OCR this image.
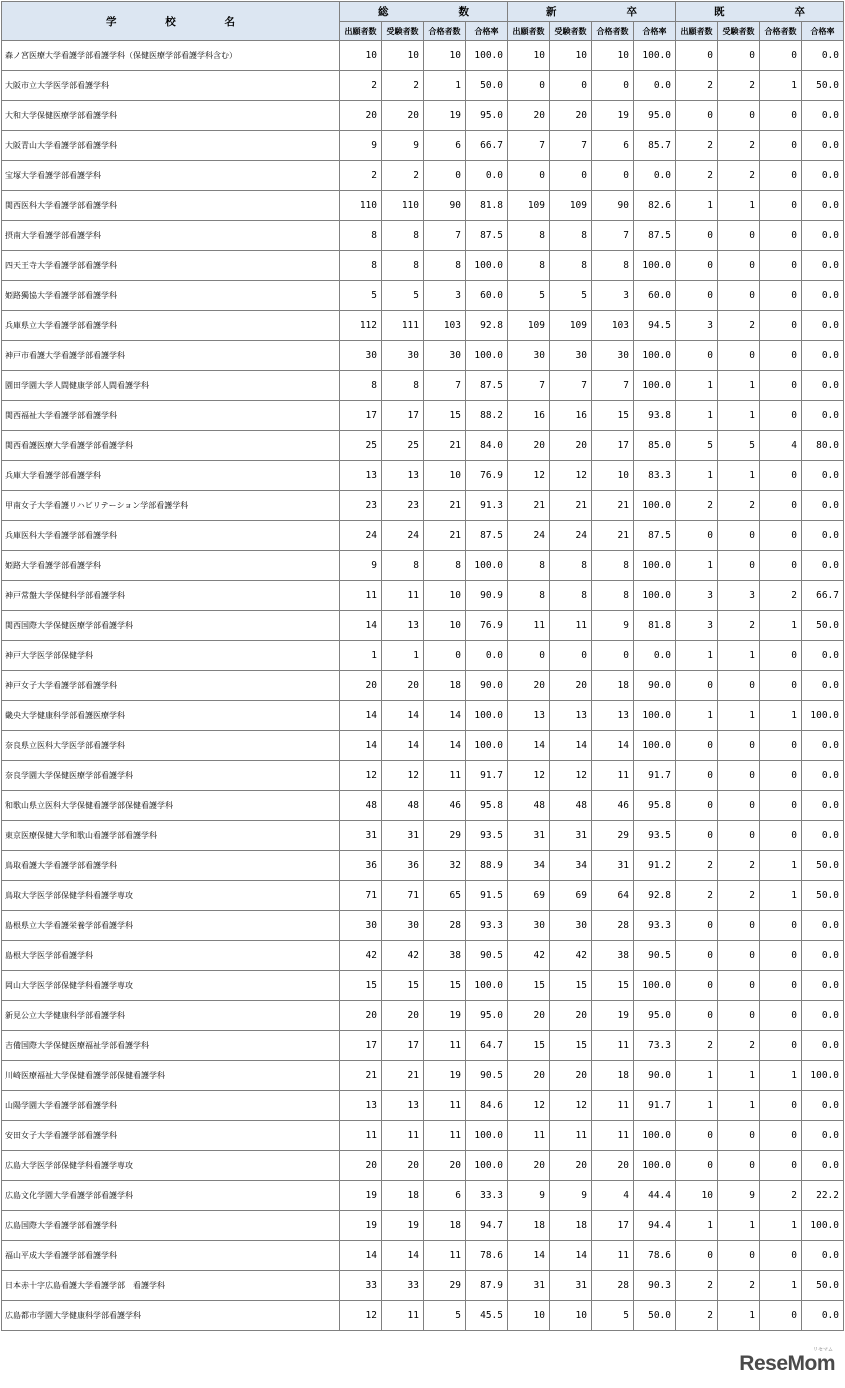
学 校 名	総 数				新 卒				既 卒			

	出願者数	受験者数	合格者数	合格率	出願者数	受験者数	合格者数	合格率	出願者数	受験者数	合格者数	合格率
森ノ宮医療大学看護学部看護学科（保健医療学部看護学科含む）	10	10	10	100.0	10	10	10	100.0	0	0	0	0.0
大阪市立大学医学部看護学科	2	2	1	50.0	0	0	0	0.0	2	2	1	50.0
大和大学保健医療学部看護学科	20	20	19	95.0	20	20	19	95.0	0	0	0	0.0
大阪青山大学看護学部看護学科	9	9	6	66.7	7	7	6	85.7	2	2	0	0.0
宝塚大学看護学部看護学科	2	2	0	0.0	0	0	0	0.0	2	2	0	0.0
関西医科大学看護学部看護学科	110	110	90	81.8	109	109	90	82.6	1	1	0	0.0
摂南大学看護学部看護学科	8	8	7	87.5	8	8	7	87.5	0	0	0	0.0
四天王寺大学看護学部看護学科	8	8	8	100.0	8	8	8	100.0	0	0	0	0.0
姫路獨協大学看護学部看護学科	5	5	3	60.0	5	5	3	60.0	0	0	0	0.0
兵庫県立大学看護学部看護学科	112	111	103	92.8	109	109	103	94.5	3	2	0	0.0
神戸市看護大学看護学部看護学科	30	30	30	100.0	30	30	30	100.0	0	0	0	0.0
園田学園大学人間健康学部人間看護学科	8	8	7	87.5	7	7	7	100.0	1	1	0	0.0
関西福祉大学看護学部看護学科	17	17	15	88.2	16	16	15	93.8	1	1	0	0.0
関西看護医療大学看護学部看護学科	25	25	21	84.0	20	20	17	85.0	5	5	4	80.0
兵庫大学看護学部看護学科	13	13	10	76.9	12	12	10	83.3	1	1	0	0.0
甲南女子大学看護リハビリテーション学部看護学科	23	23	21	91.3	21	21	21	100.0	2	2	0	0.0
兵庫医科大学看護学部看護学科	24	24	21	87.5	24	24	21	87.5	0	0	0	0.0
姫路大学看護学部看護学科	9	8	8	100.0	8	8	8	100.0	1	0	0	0.0
神戸常盤大学保健科学部看護学科	11	11	10	90.9	8	8	8	100.0	3	3	2	66.7
関西国際大学保健医療学部看護学科	14	13	10	76.9	11	11	9	81.8	3	2	1	50.0
神戸大学医学部保健学科	1	1	0	0.0	0	0	0	0.0	1	1	0	0.0
神戸女子大学看護学部看護学科	20	20	18	90.0	20	20	18	90.0	0	0	0	0.0
畿央大学健康科学部看護医療学科	14	14	14	100.0	13	13	13	100.0	1	1	1	100.0
奈良県立医科大学医学部看護学科	14	14	14	100.0	14	14	14	100.0	0	0	0	0.0
奈良学園大学保健医療学部看護学科	12	12	11	91.7	12	12	11	91.7	0	0	0	0.0
和歌山県立医科大学保健看護学部保健看護学科	48	48	46	95.8	48	48	46	95.8	0	0	0	0.0
東京医療保健大学和歌山看護学部看護学科	31	31	29	93.5	31	31	29	93.5	0	0	0	0.0
鳥取看護大学看護学部看護学科	36	36	32	88.9	34	34	31	91.2	2	2	1	50.0
鳥取大学医学部保健学科看護学専攻	71	71	65	91.5	69	69	64	92.8	2	2	1	50.0
島根県立大学看護栄養学部看護学科	30	30	28	93.3	30	30	28	93.3	0	0	0	0.0
島根大学医学部看護学科	42	42	38	90.5	42	42	38	90.5	0	0	0	0.0
岡山大学医学部保健学科看護学専攻	15	15	15	100.0	15	15	15	100.0	0	0	0	0.0
新見公立大学健康科学部看護学科	20	20	19	95.0	20	20	19	95.0	0	0	0	0.0
吉備国際大学保健医療福祉学部看護学科	17	17	11	64.7	15	15	11	73.3	2	2	0	0.0
川崎医療福祉大学保健看護学部保健看護学科	21	21	19	90.5	20	20	18	90.0	1	1	1	100.0
山陽学園大学看護学部看護学科	13	13	11	84.6	12	12	11	91.7	1	1	0	0.0
安田女子大学看護学部看護学科	11	11	11	100.0	11	11	11	100.0	0	0	0	0.0
広島大学医学部保健学科看護学専攻	20	20	20	100.0	20	20	20	100.0	0	0	0	0.0
広島文化学園大学看護学部看護学科	19	18	6	33.3	9	9	4	44.4	10	9	2	22.2
広島国際大学看護学部看護学科	19	19	18	94.7	18	18	17	94.4	1	1	1	100.0
福山平成大学看護学部看護学科	14	14	11	78.6	14	14	11	78.6	0	0	0	0.0
日本赤十字広島看護大学看護学部　看護学科	33	33	29	87.9	31	31	28	90.3	2	2	1	50.0
広島都市学園大学健康科学部看護学科	12	11	5	45.5	10	10	5	50.0	2	1	0	0.0
ReseMom
リセマム
